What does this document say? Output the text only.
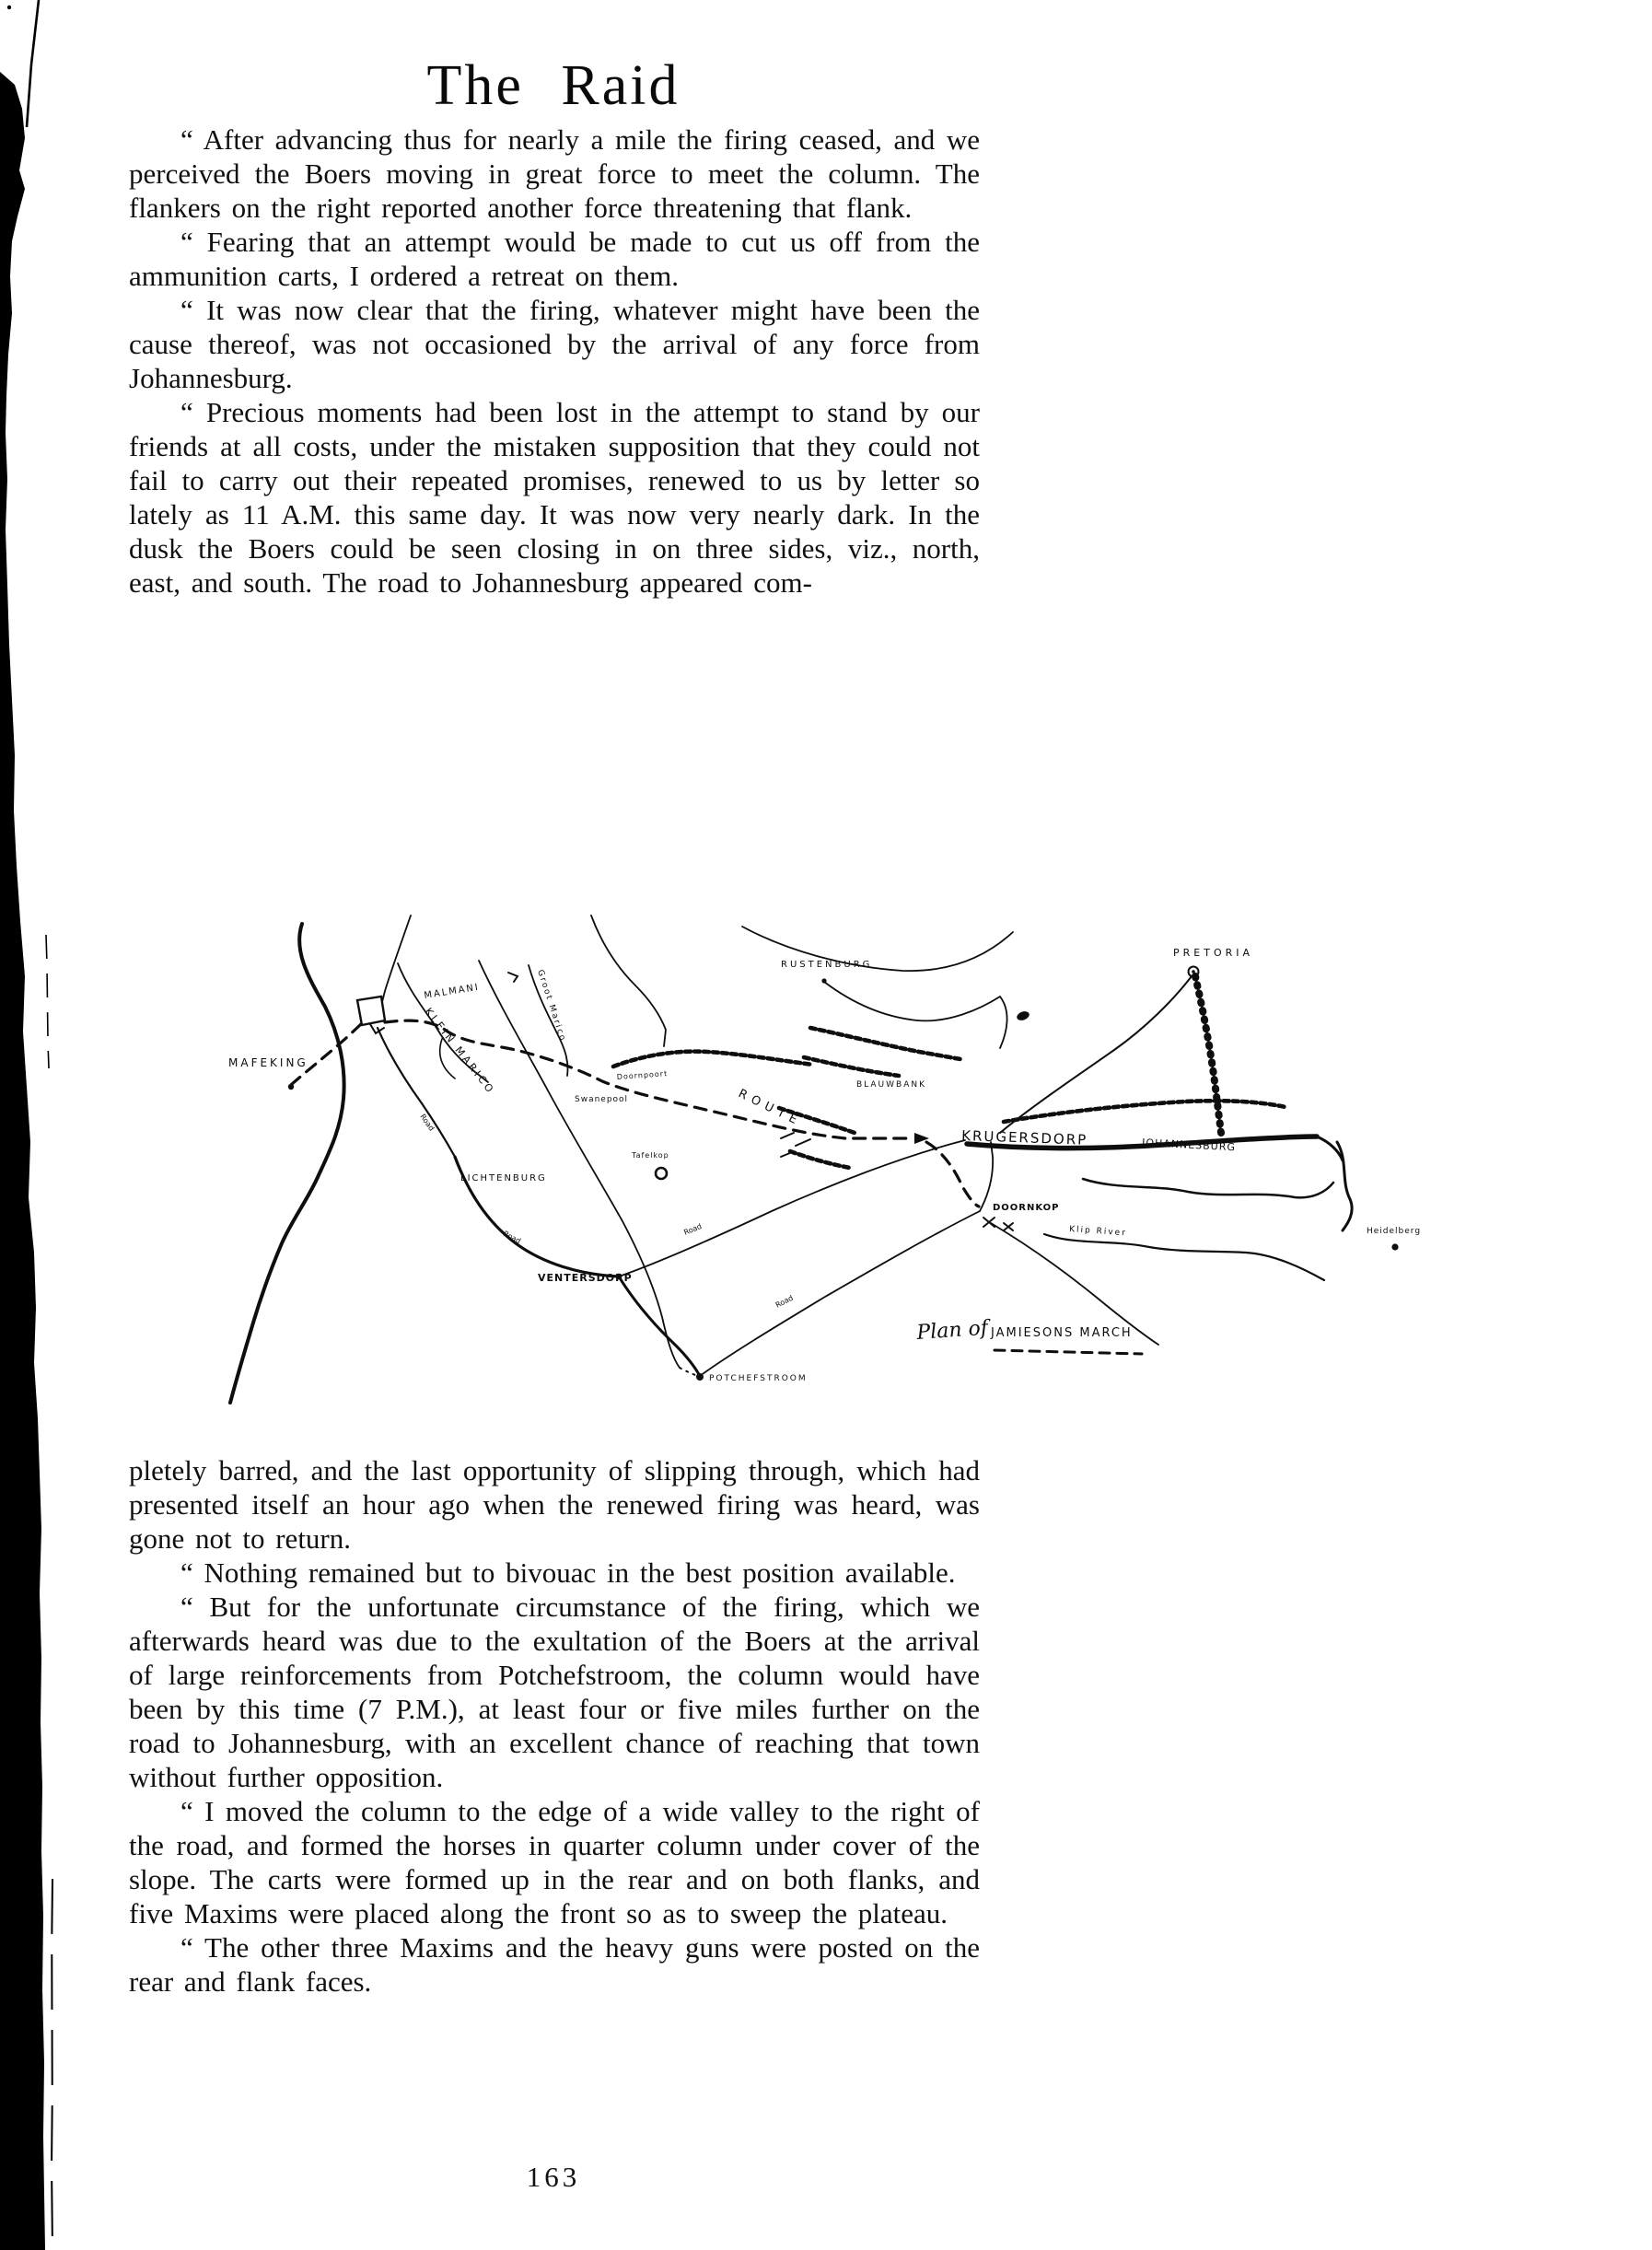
The Raid
“ After advancing thus for nearly a mile the firing ceased, and we perceived the Boers moving in great force to meet the column. The flankers on the right reported another force threatening that flank.
“ Fearing that an attempt would be made to cut us off from the ammunition carts, I ordered a retreat on them.
“ It was now clear that the firing, whatever might have been the cause thereof, was not occasioned by the arrival of any force from Johannesburg.
“ Precious moments had been lost in the attempt to stand by our friends at all costs, under the mistaken supposition that they could not fail to carry out their repeated promises, renewed to us by letter so lately as 11 A.M. this same day. It was now very nearly dark. In the dusk the Boers could be seen closing in on three sides, viz., north, east, and south. The road to Johannesburg appeared com-
MAFEKING
MALMANI
KLEIN MARICO	Groot Marico
RUSTENBURG
PRETORIA
BLAUWBANK
Doornpoort
Swanepool
Tafelkop
LICHTENBURG
VENTERSDORP
POTCHEFSTROOM
KRUGERSDORP	JOHANNESBURG
DOORNKOP
Klip River	Heidelberg
ROUTE
Road
Road	Road
Road
Plan of JAMIESONS MARCH
pletely barred, and the last opportunity of slipping through, which had presented itself an hour ago when the renewed firing was heard, was gone not to return.
“ Nothing remained but to bivouac in the best position available.
“ But for the unfortunate circumstance of the firing, which we afterwards heard was due to the exultation of the Boers at the arrival of large reinforcements from Potchefstroom, the column would have been by this time (7 P.M.), at least four or five miles further on the road to Johannesburg, with an excellent chance of reaching that town without further opposition.
“ I moved the column to the edge of a wide valley to the right of the road, and formed the horses in quarter column under cover of the slope. The carts were formed up in the rear and on both flanks, and five Maxims were placed along the front so as to sweep the plateau.
“ The other three Maxims and the heavy guns were posted on the rear and flank faces.
163
